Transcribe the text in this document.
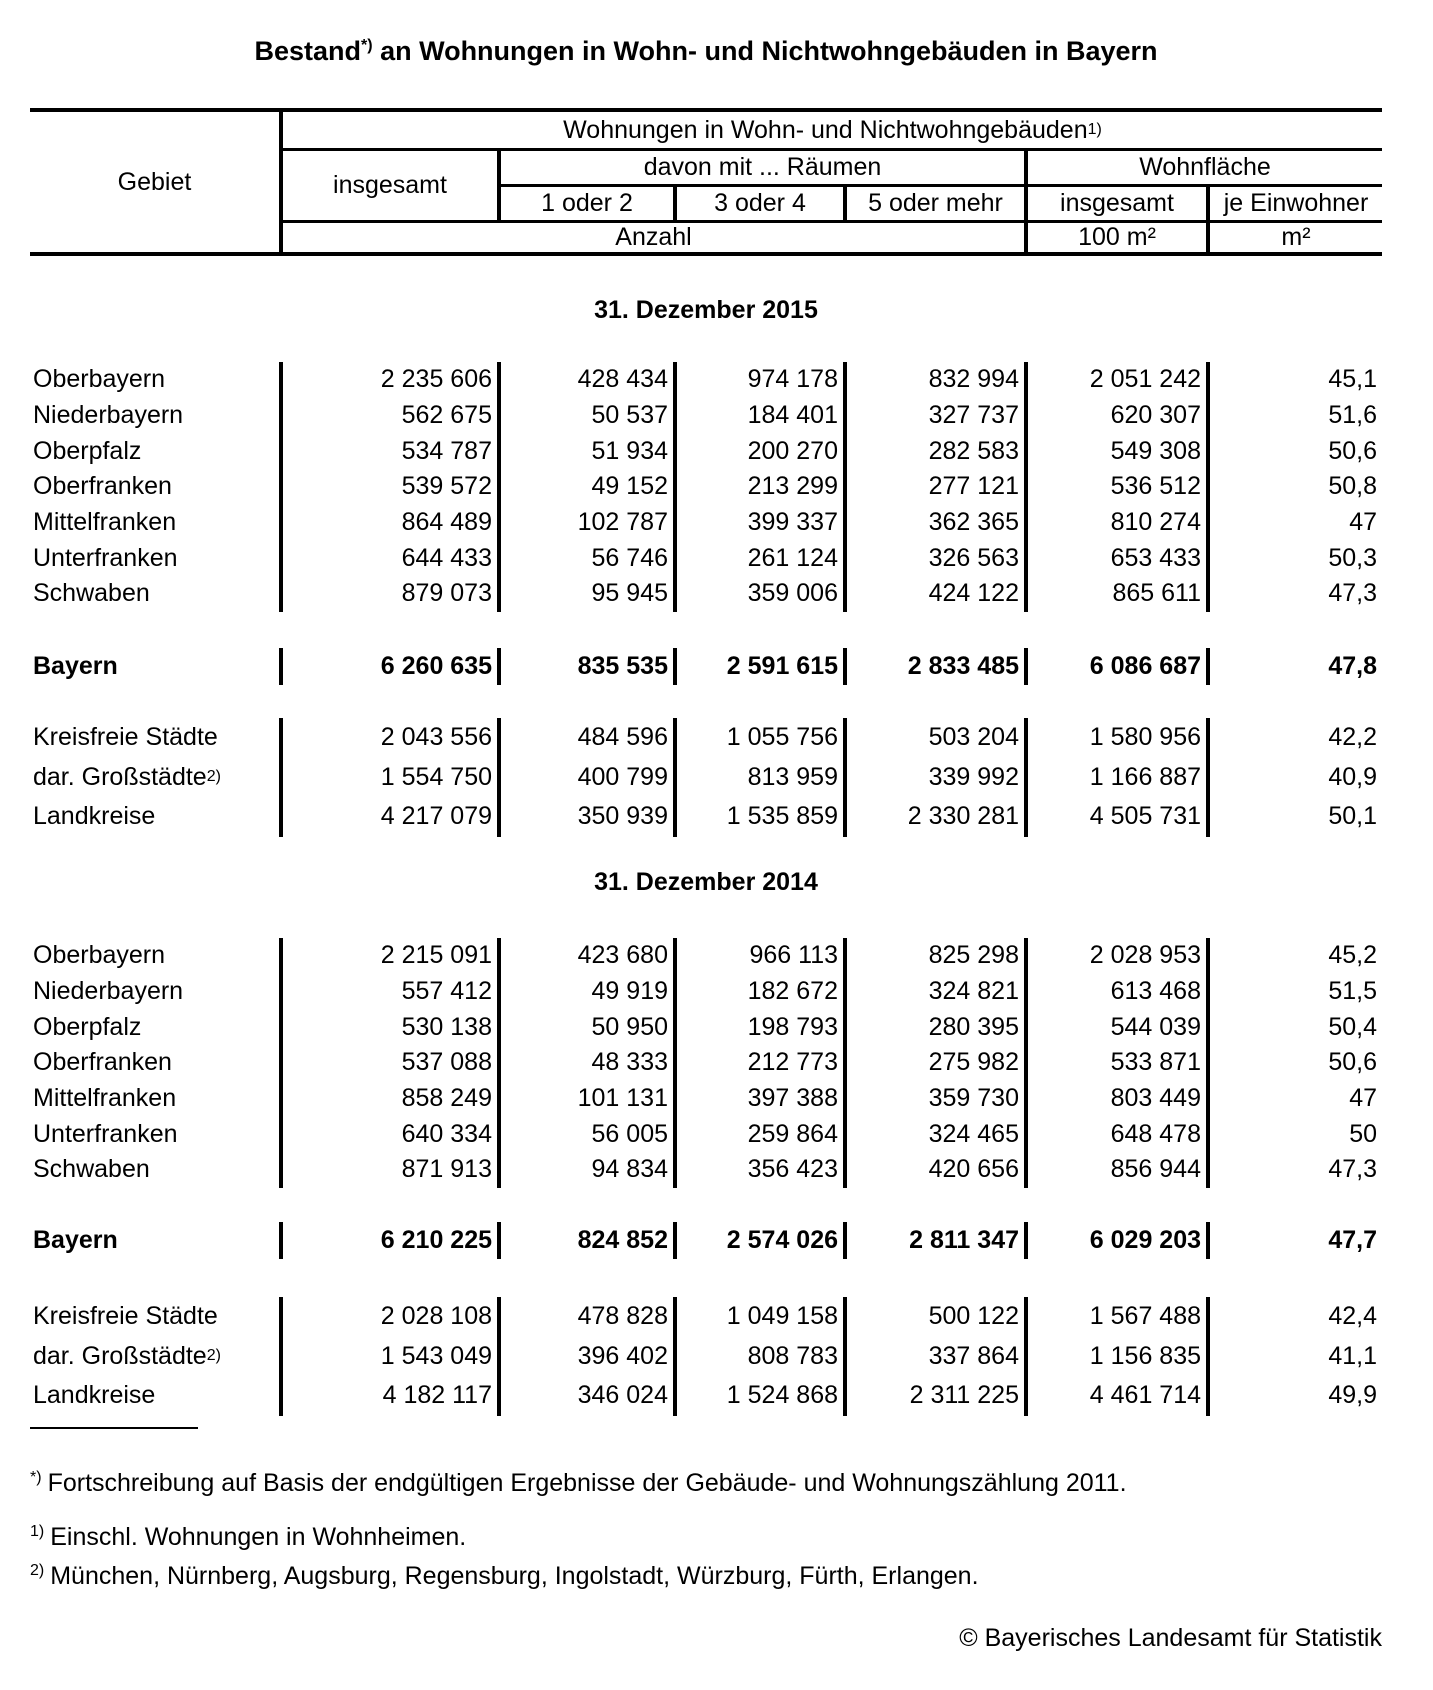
Bestand*) an Wohnungen in Wohn- und Nichtwohngebäuden in Bayern
Gebiet
Wohnungen in Wohn- und Nichtwohngebäuden 1)
insgesamt
davon mit ... Räumen	Wohnfläche
1 oder 2	3 oder 4	5 oder mehr	insgesamt	je Einwohner
Anzahl	100 m²	m²
31. Dezember 2015
Oberbayern	2 235 606	428 434	974 178	832 994	2 051 242	45,1
Niederbayern	562 675	50 537	184 401	327 737	620 307	51,6
Oberpfalz	534 787	51 934	200 270	282 583	549 308	50,6
Oberfranken	539 572	49 152	213 299	277 121	536 512	50,8
Mittelfranken	864 489	102 787	399 337	362 365	810 274	47
Unterfranken	644 433	56 746	261 124	326 563	653 433	50,3
Schwaben	879 073	95 945	359 006	424 122	865 611	47,3
Bayern	6 260 635	835 535	2 591 615	2 833 485	6 086 687	47,8
Kreisfreie Städte	2 043 556	484 596	1 055 756	503 204	1 580 956	42,2
dar. Großstädte 2)	1 554 750	400 799	813 959	339 992	1 166 887	40,9
Landkreise	4 217 079	350 939	1 535 859	2 330 281	4 505 731	50,1
31. Dezember 2014
Oberbayern	2 215 091	423 680	966 113	825 298	2 028 953	45,2
Niederbayern	557 412	49 919	182 672	324 821	613 468	51,5
Oberpfalz	530 138	50 950	198 793	280 395	544 039	50,4
Oberfranken	537 088	48 333	212 773	275 982	533 871	50,6
Mittelfranken	858 249	101 131	397 388	359 730	803 449	47
Unterfranken	640 334	56 005	259 864	324 465	648 478	50
Schwaben	871 913	94 834	356 423	420 656	856 944	47,3
Bayern	6 210 225	824 852	2 574 026	2 811 347	6 029 203	47,7
Kreisfreie Städte	2 028 108	478 828	1 049 158	500 122	1 567 488	42,4
dar. Großstädte 2)	1 543 049	396 402	808 783	337 864	1 156 835	41,1
Landkreise	4 182 117	346 024	1 524 868	2 311 225	4 461 714	49,9
*) Fortschreibung auf Basis der endgültigen Ergebnisse der Gebäude- und Wohnungszählung 2011.
$^{1)}$ Einschl. Wohnungen in Wohnheimen.
$^{2)}$ München, Nürnberg, Augsburg, Regensburg, Ingolstadt, Würzburg, Fürth, Erlangen.
© Bayerisches Landesamt für Statistik
